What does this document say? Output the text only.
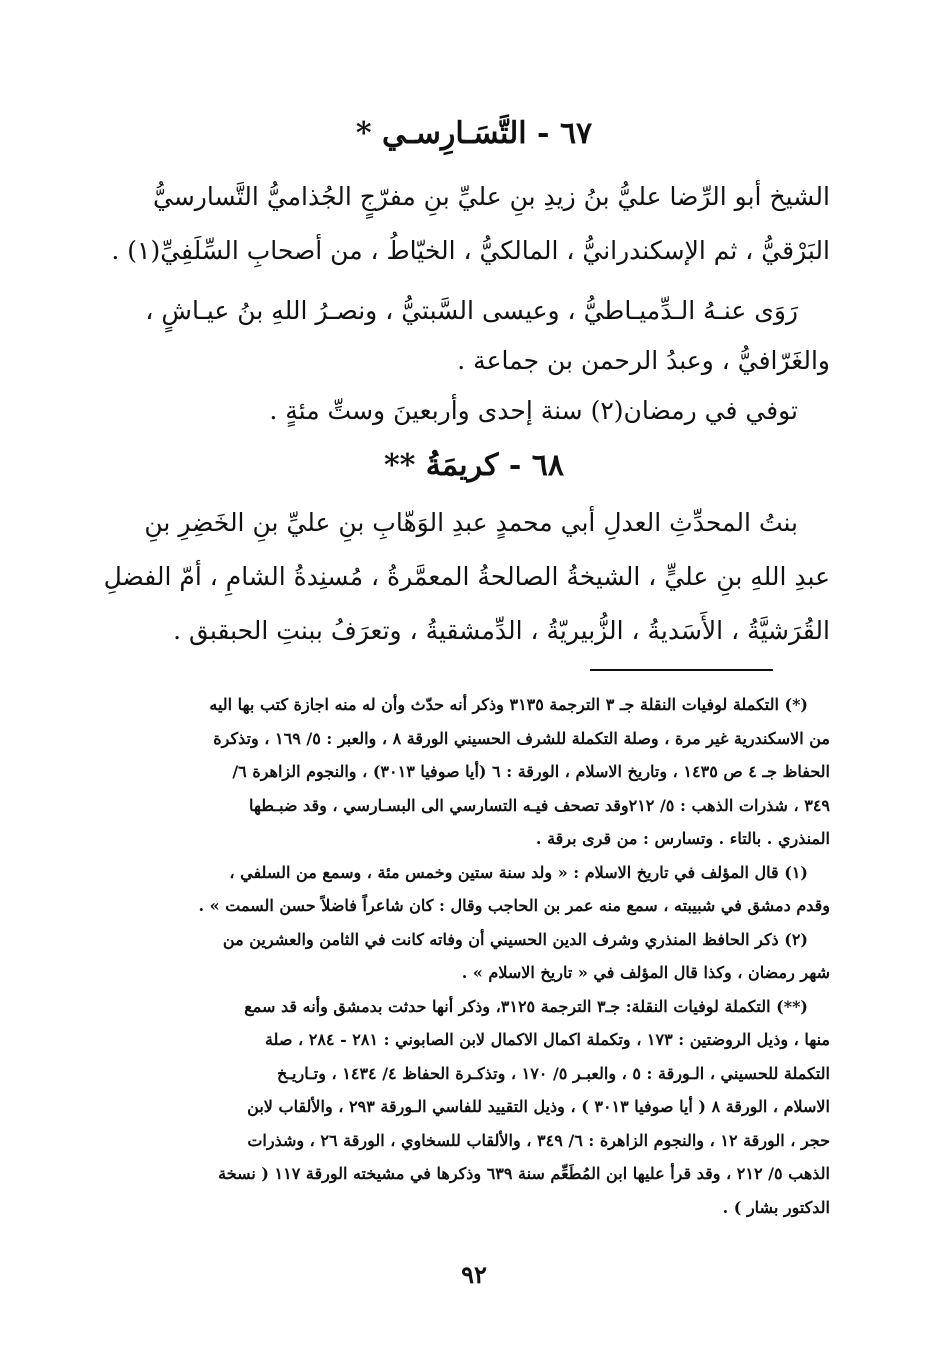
٦٧ - التَّسَـارِسـي *
الشيخ أبو الرِّضا عليُّ بنُ زيدِ بنِ عليِّ بنِ مفرّجٍ الجُذاميُّ التَّسارسيُّ
البَرْقيُّ ، ثم الإسكندرانيُّ ، المالكيُّ ، الخيّاطُ ، من أصحابِ السِّلَفِيِّ(١) .
رَوَى عنـهُ الـدِّميـاطيُّ ، وعيسى السَّبتيُّ ، ونصـرُ اللهِ بنُ عيـاشٍ ،
والغَرّافيُّ ، وعبدُ الرحمن بن جماعة .
توفي في رمضان(٢) سنة إحدى وأربعينَ وستِّ مئةٍ .
٦٨ - كريمَةُ **
بنتُ المحدِّثِ العدلِ أبي محمدٍ عبدِ الوَهّابِ بنِ عليِّ بنِ الخَضِرِ بنِ
عبدِ اللهِ بنِ عليٍّ ، الشيخةُ الصالحةُ المعمَّرةُ ، مُسنِدةُ الشامِ ، أمّ الفضلِ
القُرَشيَّةُ ، الأَسَديةُ ، الزُّبيريّةُ ، الدِّمشقيةُ ، وتعرَفُ ببنتِ الحبقبق .
(*) التكملة لوفيات النقلة جـ ٣ الترجمة ٣١٣٥ وذكر أنه حدّث وأن له منه اجازة كتب بها اليه
من الاسكندرية غير مرة ، وصلة التكملة للشرف الحسيني الورقة ٨ ، والعبر : ٥/ ١٦٩ ، وتذكرة
الحفاظ جـ ٤ ص ١٤٣٥ ، وتاريخ الاسلام ، الورقة : ٦ (أيا صوفيا ٣٠١٣) ، والنجوم الزاهرة ٦/
٣٤٩ ، شذرات الذهب : ٥/ ٢١٢وقد تصحف فيـه التسارسي الى البسـارسي ، وقد ضبـطها
المنذري . بالتاء . وتسارس : من قرى برقة .
(١) قال المؤلف في تاريخ الاسلام : « ولد سنة ستين وخمس مئة ، وسمع من السلفي ،
وقدم دمشق في شبيبته ، سمع منه عمر بن الحاجب وقال : كان شاعراً فاضلاً حسن السمت » .
(٢) ذكر الحافظ المنذري وشرف الدين الحسيني أن وفاته كانت في الثامن والعشرين من
شهر رمضان ، وكذا قال المؤلف في « تاريخ الاسلام » .
(**) التكملة لوفيات النقلة: جـ٣ الترجمة ٣١٢٥، وذكر أنها حدثت بدمشق وأنه قد سمع
منها ، وذيل الروضتين : ١٧٣ ، وتكملة اكمال الاكمال لابن الصابوني : ٢٨١ - ٢٨٤ ، صلة
التكملة للحسيني ، الـورقة : ٥ ، والعبـر ٥/ ١٧٠ ، وتذكـرة الحفاظ ٤/ ١٤٣٤ ، وتـاريـخ
الاسلام ، الورقة ٨ ( أيا صوفيا ٣٠١٣ ) ، وذيل التقييد للفاسي الـورقة ٢٩٣ ، والألقاب لابن
حجر ، الورقة ١٢ ، والنجوم الزاهرة : ٦/ ٣٤٩ ، والألقاب للسخاوي ، الورقة ٢٦ ، وشذرات
الذهب ٥/ ٢١٢ ، وقد قرأ عليها ابن المُطَعِّم سنة ٦٣٩ وذكرها في مشيخته الورقة ١١٧ ( نسخة
الدكتور بشار ) .
٩٢
